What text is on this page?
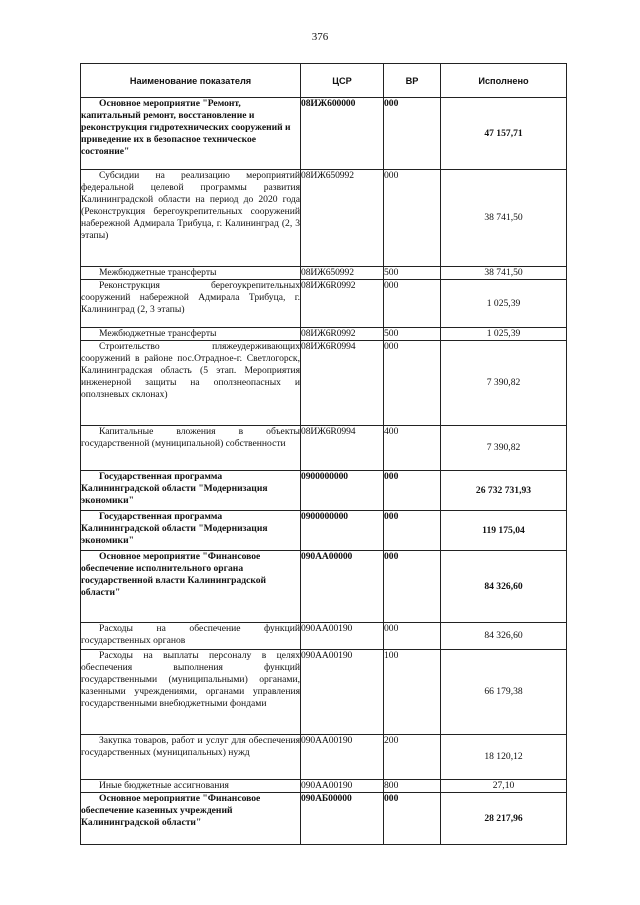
376
Наименование показателя	ЦСР	ВР	Исполнено

Основное мероприятие "Ремонт, капитальный ремонт, восстановление и реконструкция гидротехнических сооружений и приведение их в безопасное техническое состояние"	08ИЖ600000	000	47 157,71

Субсидии на реализацию мероприятий федеральной целевой программы развития Калининградской области на период до 2020 года (Реконструкция берегоукрепительных сооружений набережной Адмирала Трибуца, г. Калининград (2, 3 этапы)	08ИЖ650992	000	38 741,50

Межбюджетные трансферты	08ИЖ650992	500	38 741,50

Реконструкция берегоукрепительных сооружений набережной Адмирала Трибуца, г. Калининград (2, 3 этапы)	08ИЖ6R0992	000	1 025,39

Межбюджетные трансферты	08ИЖ6R0992	500	1 025,39

Строительство пляжеудерживающих сооружений в районе пос.Отрадное-г. Светлогорск, Калининградская область (5 этап. Мероприятия инженерной защиты на оползнеопасных и оползневых склонах)	08ИЖ6R0994	000	7 390,82

Капитальные вложения в объекты государственной (муниципальной) собственности	08ИЖ6R0994	400	7 390,82

Государственная программа Калининградской области "Модернизация экономики"	0900000000	000	26 732 731,93

Государственная программа Калининградской области "Модернизация экономики"	0900000000	000	119 175,04

Основное мероприятие "Финансовое обеспечение исполнительного органа государственной власти Калининградской области"	090АА00000	000	84 326,60

Расходы на обеспечение функций государственных органов	090АА00190	000	84 326,60

Расходы на выплаты персоналу в целях обеспечения выполнения функций государственными (муниципальными) органами, казенными учреждениями, органами управления государственными внебюджетными фондами	090АА00190	100	66 179,38

Закупка товаров, работ и услуг для обеспечения государственных (муниципальных) нужд	090АА00190	200	18 120,12

Иные бюджетные ассигнования	090АА00190	800	27,10

Основное мероприятие "Финансовое обеспечение казенных учреждений Калининградской области"	090АБ00000	000	28 217,96
